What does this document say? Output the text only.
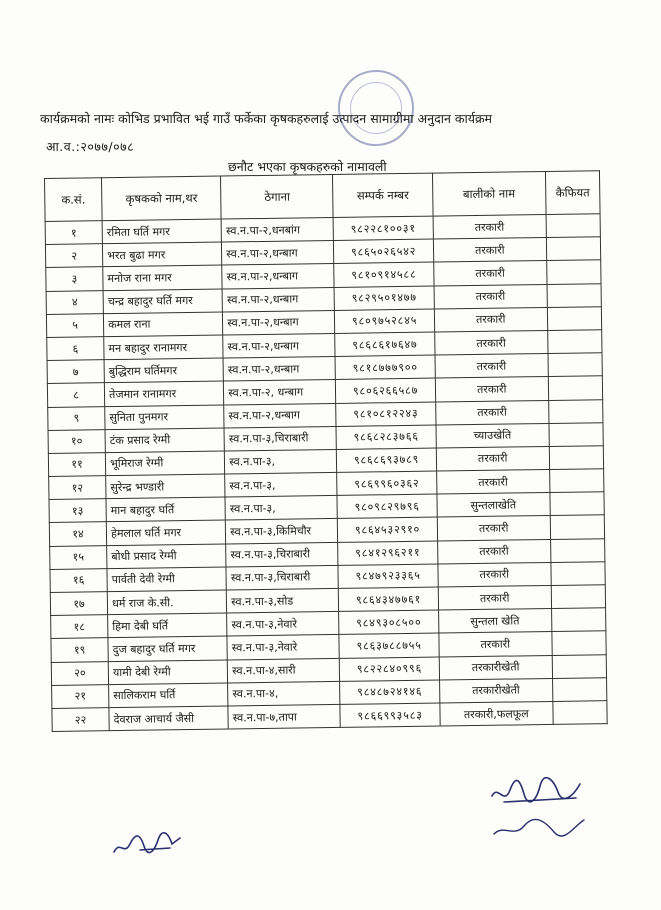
कार्यक्रमको नामः कोभिड प्रभावित भई गाउँ फर्केका कृषकहरुलाई उत्पादन सामाग्रीमा अनुदान कार्यक्रम
आ.व.:२०७७/०७८
छनौट भएका कृषकहरुको नामावली
क.सं.	कृषकको नाम,थर	ठेगाना	सम्पर्क नम्बर	बालीको नाम	कैफियत
१	रमिता घर्ति मगर	स्व.न.पा-२,धनबांग	९८२२८१००३१	तरकारी	
२	भरत बुढा मगर	स्व.न.पा-२,धन्बाग	९८६५०२६५४२	तरकारी	
३	मनोज राना मगर	स्व.न.पा-२,धन्बाग	९८१०९१४५८८	तरकारी	
४	चन्द्र बहादुर घर्ति मगर	स्व.न.पा-२,धन्बाग	९८२९५०१४७७	तरकारी	
५	कमल राना	स्व.न.पा-२,धन्बाग	९८०९७५२८४५	तरकारी	
६	मन बहादुर रानामगर	स्व.न.पा-२,धन्बाग	९८६८६१७६४७	तरकारी	
७	बुद्धिराम घर्तिमगर	स्व.न.पा-२,धन्बाग	९८१८७७७९००	तरकारी	
८	तेजमान रानामगर	स्व.न.पा-२, धन्बाग	९८०६२६६५८७	तरकारी	
९	सुनिता पुनमगर	स्व.न.पा-२,धन्बाग	९८१०८१२२४३	तरकारी	
१०	टंक प्रसाद रेग्मी	स्व.न.पा-३,चिराबारी	९८६८२८३७६६	च्याउखेति	
११	भूमिराज रेग्मी	स्व.न.पा-३,	९८६८६९३७८९	तरकारी	
१२	सुरेन्द्र भण्डारी	स्व.न.पा-३,	९८६९९६०३६२	तरकारी	
१३	मान बहादुर घर्ति	स्व.न.पा-३,	९८०९८२९७९६	सुन्तलाखेति	
१४	हेमलाल घर्ति मगर	स्व.न.पा-३,किमिचौर	९८६४५३२९१०	तरकारी	
१५	बोधी प्रसाद रेग्मी	स्व.न.पा-३,चिराबारी	९८४१२९६२११	तरकारी	
१६	पार्वती देवी रेग्मी	स्व.न.पा-३,चिराबारी	९८४७९२३३६५	तरकारी	
१७	धर्म राज के.सी.	स्व.न.पा-३,सोड	९८६४३४७७६१	तरकारी	
१८	हिमा देबी घर्ति	स्व.न.पा-३,नेवारे	९८४९३०८५००	सुन्तला खेति	
१९	दुज बहादुर घर्ति मगर	स्व.न.पा-३,नेवारे	९८६३७८८७५५	तरकारी	
२०	यामी देबी रेग्मी	स्व.न.पा-४,सारी	९८२२८४०९९६	तरकारीखेती	
२१	सालिकराम घर्ति	स्व.न.पा-४,	९८४८७२४१४६	तरकारीखेती	
२२	देवराज आचार्य जैसी	स्व.न.पा-७,तापा	९८६६९९३५८३	तरकारी,फलफूल	
